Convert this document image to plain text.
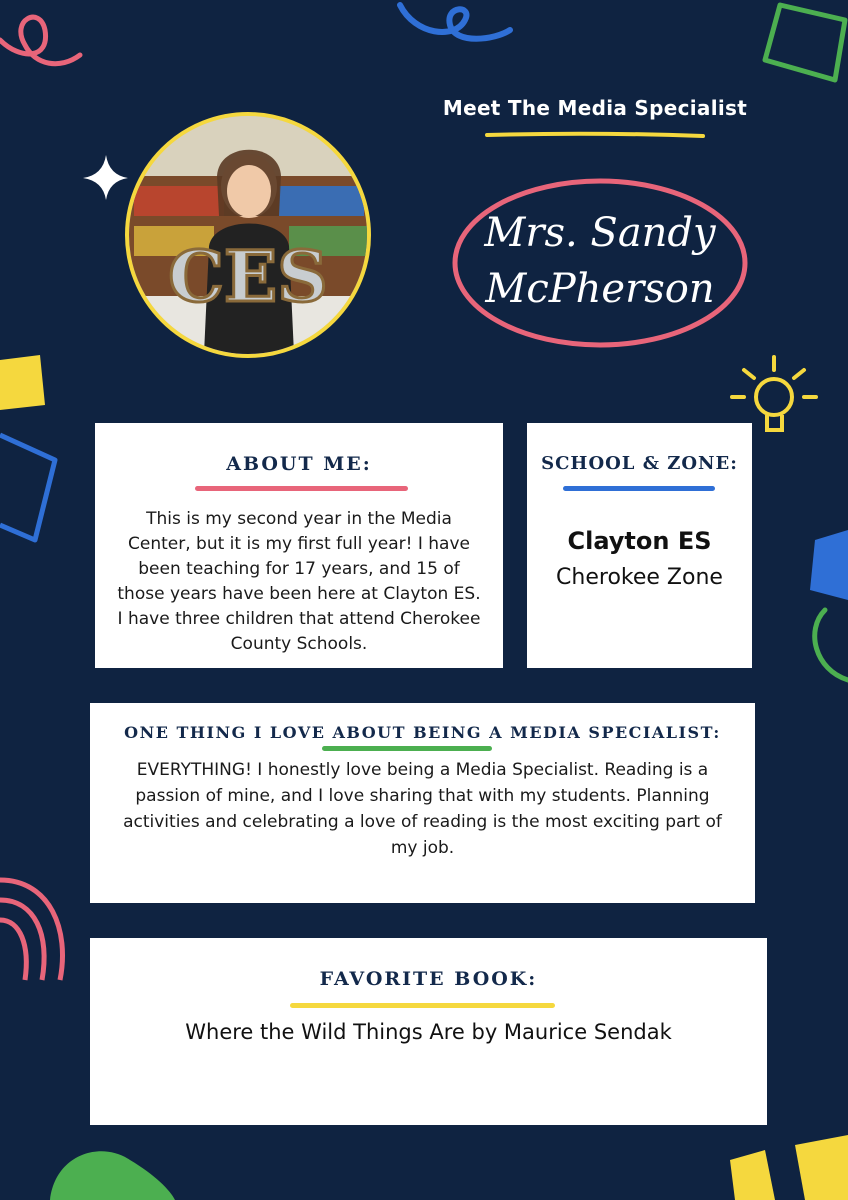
Meet The Media Specialist
CES
Mrs. Sandy
McPherson
ABOUT ME:
This is my second year in the Media Center, but it is my first full year! I have been teaching for 17 years, and 15 of those years have been here at Clayton ES. I have three children that attend Cherokee County Schools.
SCHOOL & ZONE:
Clayton ES
Cherokee Zone
ONE THING I LOVE ABOUT BEING A MEDIA SPECIALIST:
EVERYTHING! I honestly love being a Media Specialist. Reading is a passion of mine, and I love sharing that with my students. Planning activities and celebrating a love of reading is the most exciting part of my job.
FAVORITE BOOK:
Where the Wild Things Are by Maurice Sendak
